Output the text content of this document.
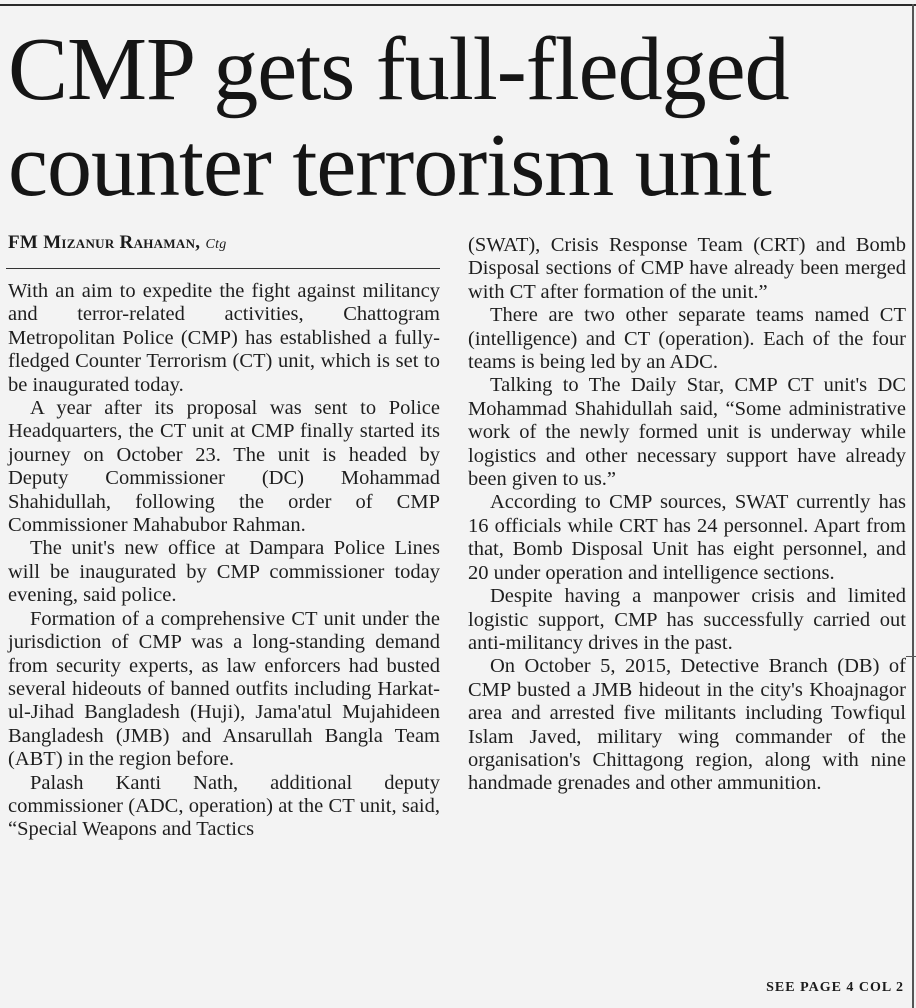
CMP gets full-fledged counter terrorism unit
FM Mizanur Rahaman, Ctg

With an aim to expedite the fight against militancy and terror-related activities, Chattogram Metropolitan Police (CMP) has established a fully-fledged Counter Terrorism (CT) unit, which is set to be inaugurated today.

A year after its proposal was sent to Police Headquarters, the CT unit at CMP finally started its journey on October 23. The unit is headed by Deputy Commissioner (DC) Mohammad Shahidullah, following the order of CMP Commissioner Mahabubor Rahman.

The unit's new office at Dampara Police Lines will be inaugurated by CMP commissioner today evening, said police.

Formation of a comprehensive CT unit under the jurisdiction of CMP was a long-standing demand from security experts, as law enforcers had busted several hideouts of banned outfits including Harkat-ul-Jihad Bangladesh (Huji), Jama'atul Mujahideen Bangladesh (JMB) and Ansarullah Bangla Team (ABT) in the region before.

Palash Kanti Nath, additional deputy commissioner (ADC, operation) at the CT unit, said, “Special Weapons and Tactics

(SWAT), Crisis Response Team (CRT) and Bomb Disposal sections of CMP have already been merged with CT after formation of the unit.”

There are two other separate teams named CT (intelligence) and CT (operation). Each of the four teams is being led by an ADC.

Talking to The Daily Star, CMP CT unit's DC Mohammad Shahidullah said, “Some administrative work of the newly formed unit is underway while logistics and other necessary support have already been given to us.”

According to CMP sources, SWAT currently has 16 officials while CRT has 24 personnel. Apart from that, Bomb Disposal Unit has eight personnel, and 20 under operation and intelligence sections.

Despite having a manpower crisis and limited logistic support, CMP has successfully carried out anti-militancy drives in the past.

On October 5, 2015, Detective Branch (DB) of CMP busted a JMB hideout in the city's Khoajnagor area and arrested five militants including Towfiqul Islam Javed, military wing commander of the organisation's Chittagong region, along with nine handmade grenades and other ammunition.

SEE PAGE 4 COL 2
